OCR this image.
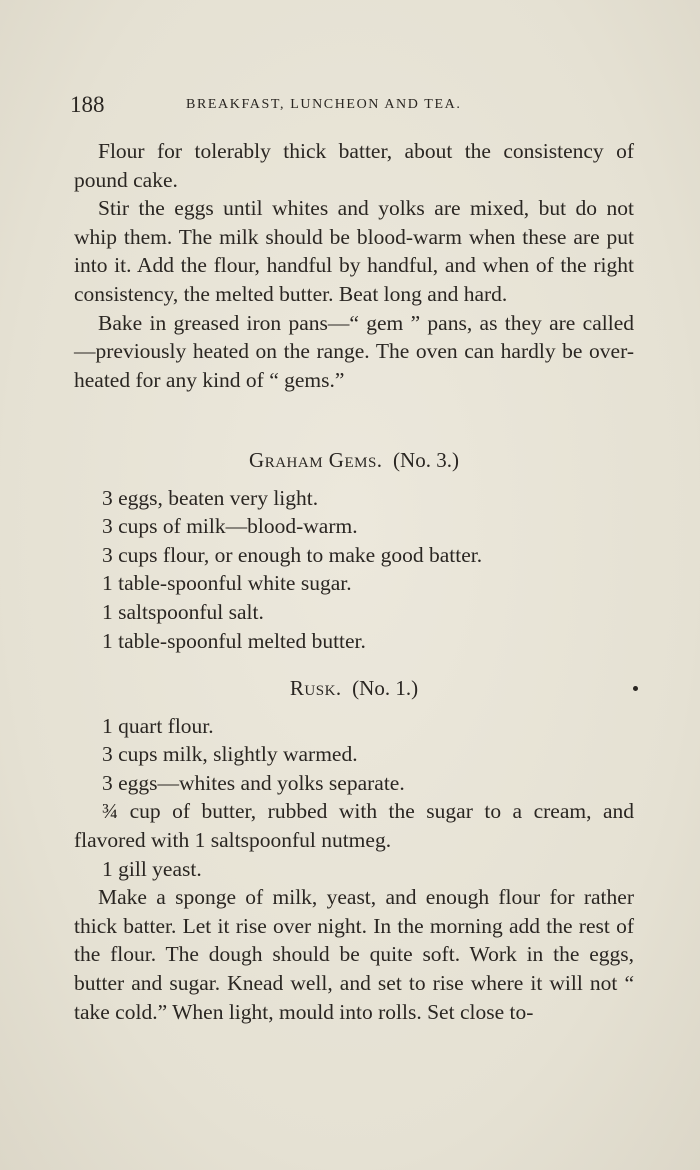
188	BREAKFAST, LUNCHEON AND TEA.

Flour for tolerably thick batter, about the consistency of pound cake.

Stir the eggs until whites and yolks are mixed, but do not whip them. The milk should be blood-warm when these are put into it. Add the flour, handful by handful, and when of the right consistency, the melted butter. Beat long and hard.

Bake in greased iron pans—“ gem ” pans, as they are called—previously heated on the range. The oven can hardly be over-heated for any kind of “ gems.”

Graham Gems. (No. 3.)

3 eggs, beaten very light.

3 cups of milk—blood-warm.

3 cups flour, or enough to make good batter.

1 table-spoonful white sugar.

1 saltspoonful salt.

1 table-spoonful melted butter.

Rusk. (No. 1.)

1 quart flour.

3 cups milk, slightly warmed.

3 eggs—whites and yolks separate.

¾ cup of butter, rubbed with the sugar to a cream, and flavored with 1 saltspoonful nutmeg.

1 gill yeast.

Make a sponge of milk, yeast, and enough flour for rather thick batter. Let it rise over night. In the morning add the rest of the flour. The dough should be quite soft. Work in the eggs, butter and sugar. Knead well, and set to rise where it will not “ take cold.” When light, mould into rolls. Set close to-
